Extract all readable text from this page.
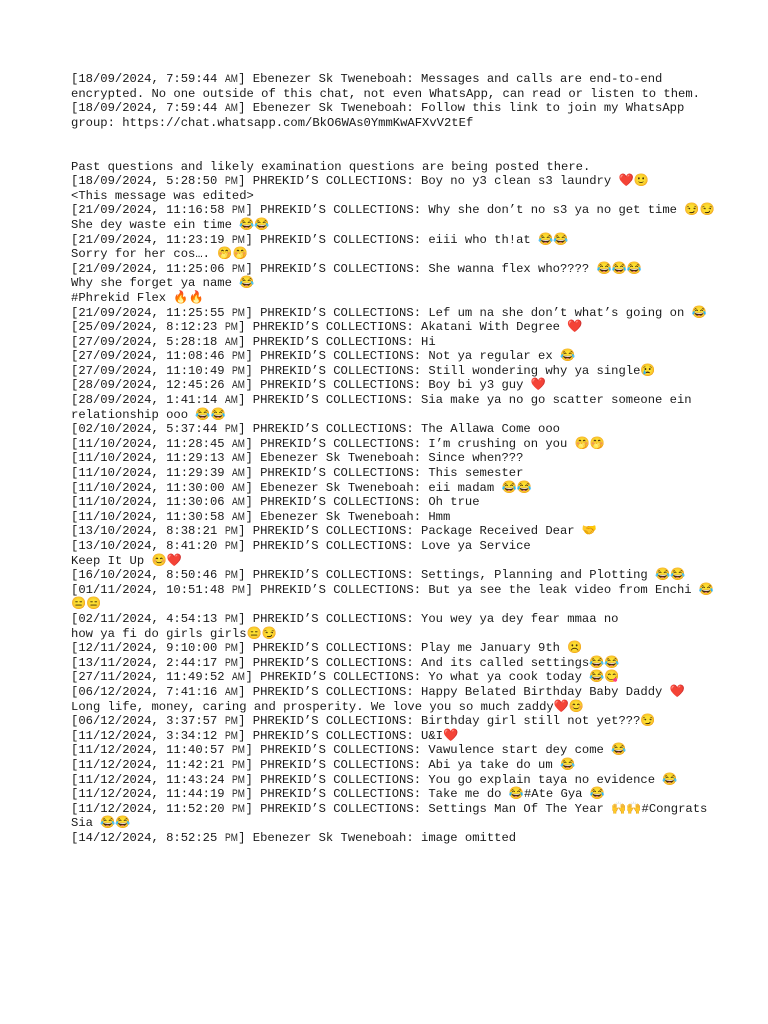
[18/09/2024, 7:59:44 AM] Ebenezer Sk Tweneboah: Messages and calls are end-to-end encrypted. No one outside of this chat, not even WhatsApp, can read or listen to them.
[18/09/2024, 7:59:44 AM] Ebenezer Sk Tweneboah: Follow this link to join my WhatsApp group: https://chat.whatsapp.com/BkO6WAs0YmmKwAFXvV2tEf

Past questions and likely examination questions are being posted there.
[18/09/2024, 5:28:50 PM] PHREKID’S COLLECTIONS: Boy no y3 clean s3 laundry ❤️🙂
<This message was edited>
[21/09/2024, 11:16:58 PM] PHREKID’S COLLECTIONS: Why she don’t no s3 ya no get time 😏😏
She dey waste ein time 😂😂
[21/09/2024, 11:23:19 PM] PHREKID’S COLLECTIONS: eiii who th!at 😂😂
Sorry for her cos…. 🤭🤭
[21/09/2024, 11:25:06 PM] PHREKID’S COLLECTIONS: She wanna flex who???? 😂😂😂
Why she forget ya name 😂
#Phrekid Flex 🔥🔥
[21/09/2024, 11:25:55 PM] PHREKID’S COLLECTIONS: Lef um na she don’t what’s going on 😂
[25/09/2024, 8:12:23 PM] PHREKID’S COLLECTIONS: Akatani With Degree ❤️
[27/09/2024, 5:28:18 AM] PHREKID’S COLLECTIONS: Hi
[27/09/2024, 11:08:46 PM] PHREKID’S COLLECTIONS: Not ya regular ex 😂
[27/09/2024, 11:10:49 PM] PHREKID’S COLLECTIONS: Still wondering why ya single😢
[28/09/2024, 12:45:26 AM] PHREKID’S COLLECTIONS: Boy bi y3 guy ❤️
[28/09/2024, 1:41:14 AM] PHREKID’S COLLECTIONS: Sia make ya no go scatter someone ein relationship ooo 😂😂
[02/10/2024, 5:37:44 PM] PHREKID’S COLLECTIONS: The Allawa Come ooo
[11/10/2024, 11:28:45 AM] PHREKID’S COLLECTIONS: I’m crushing on you 🤭🤭
[11/10/2024, 11:29:13 AM] Ebenezer Sk Tweneboah: Since when???
[11/10/2024, 11:29:39 AM] PHREKID’S COLLECTIONS: This semester
[11/10/2024, 11:30:00 AM] Ebenezer Sk Tweneboah: eii madam 😂😂
[11/10/2024, 11:30:06 AM] PHREKID’S COLLECTIONS: Oh true
[11/10/2024, 11:30:58 AM] Ebenezer Sk Tweneboah: Hmm
[13/10/2024, 8:38:21 PM] PHREKID’S COLLECTIONS: Package Received Dear 🤝
[13/10/2024, 8:41:20 PM] PHREKID’S COLLECTIONS: Love ya Service
Keep It Up 😊❤️
[16/10/2024, 8:50:46 PM] PHREKID’S COLLECTIONS: Settings, Planning and Plotting 😂😂
[01/11/2024, 10:51:48 PM] PHREKID’S COLLECTIONS: But ya see the leak video from Enchi 😂😑😑
[02/11/2024, 4:54:13 PM] PHREKID’S COLLECTIONS: You wey ya dey fear mmaa no
how ya fi do girls girls😑😏
[12/11/2024, 9:10:00 PM] PHREKID’S COLLECTIONS: Play me January 9th ☹️
[13/11/2024, 2:44:17 PM] PHREKID’S COLLECTIONS: And its called settings😂😂
[27/11/2024, 11:49:52 AM] PHREKID’S COLLECTIONS: Yo what ya cook today 😂😋
[06/12/2024, 7:41:16 AM] PHREKID’S COLLECTIONS: Happy Belated Birthday Baby Daddy ❤️
Long life, money, caring and prosperity. We love you so much zaddy❤️😊
[06/12/2024, 3:37:57 PM] PHREKID’S COLLECTIONS: Birthday girl still not yet???😏
[11/12/2024, 3:34:12 PM] PHREKID’S COLLECTIONS: U&I❤️
[11/12/2024, 11:40:57 PM] PHREKID’S COLLECTIONS: Vawulence start dey come 😂
[11/12/2024, 11:42:21 PM] PHREKID’S COLLECTIONS: Abi ya take do um 😂
[11/12/2024, 11:43:24 PM] PHREKID’S COLLECTIONS: You go explain taya no evidence 😂
[11/12/2024, 11:44:19 PM] PHREKID’S COLLECTIONS: Take me do 😂#Ate Gya 😂
[11/12/2024, 11:52:20 PM] PHREKID’S COLLECTIONS: Settings Man Of The Year 🙌🙌#Congrats Sia 😂😂
[14/12/2024, 8:52:25 PM] Ebenezer Sk Tweneboah: image omitted
